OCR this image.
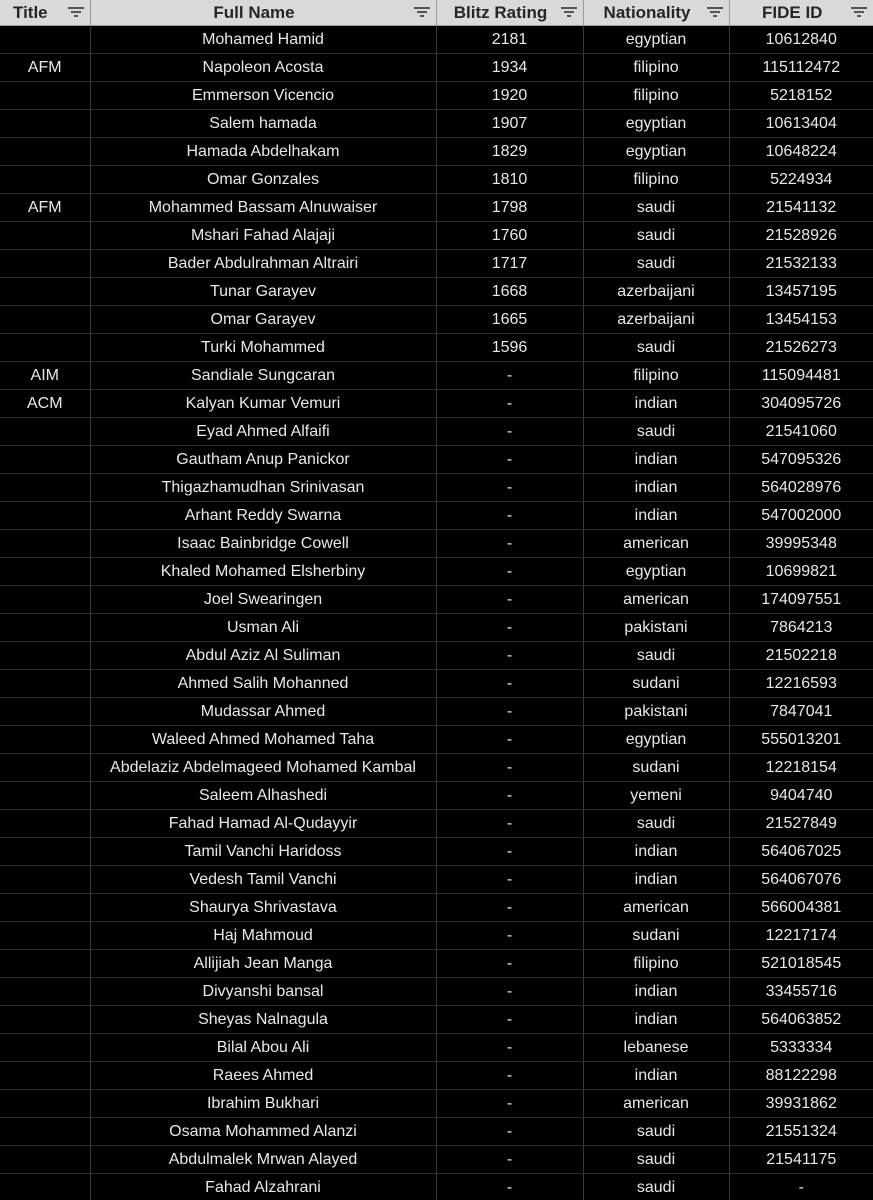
Title	Full Name	Blitz Rating	Nationality	FIDE ID

	Mohamed Hamid	2181	egyptian	10612840
AFM	Napoleon Acosta	1934	filipino	115112472
	Emmerson Vicencio	1920	filipino	5218152
	Salem hamada	1907	egyptian	10613404
	Hamada Abdelhakam	1829	egyptian	10648224
	Omar Gonzales	1810	filipino	5224934
AFM	Mohammed Bassam Alnuwaiser	1798	saudi	21541132
	Mshari Fahad Alajaji	1760	saudi	21528926
	Bader Abdulrahman Altrairi	1717	saudi	21532133
	Tunar Garayev	1668	azerbaijani	13457195
	Omar Garayev	1665	azerbaijani	13454153
	Turki Mohammed	1596	saudi	21526273
AIM	Sandiale Sungcaran	-	filipino	115094481
ACM	Kalyan Kumar Vemuri	-	indian	304095726
	Eyad Ahmed Alfaifi	-	saudi	21541060
	Gautham Anup Panickor	-	indian	547095326
	Thigazhamudhan Srinivasan	-	indian	564028976
	Arhant Reddy Swarna	-	indian	547002000
	Isaac Bainbridge Cowell	-	american	39995348
	Khaled Mohamed Elsherbiny	-	egyptian	10699821
	Joel Swearingen	-	american	174097551
	Usman Ali	-	pakistani	7864213
	Abdul Aziz Al Suliman	-	saudi	21502218
	Ahmed Salih Mohanned	-	sudani	12216593
	Mudassar Ahmed	-	pakistani	7847041
	Waleed Ahmed Mohamed Taha	-	egyptian	555013201
	Abdelaziz Abdelmageed Mohamed Kambal	-	sudani	12218154
	Saleem Alhashedi	-	yemeni	9404740
	Fahad Hamad Al-Qudayyir	-	saudi	21527849
	Tamil Vanchi Haridoss	-	indian	564067025
	Vedesh Tamil Vanchi	-	indian	564067076
	Shaurya Shrivastava	-	american	566004381
	Haj Mahmoud	-	sudani	12217174
	Allijiah Jean Manga	-	filipino	521018545
	Divyanshi bansal	-	indian	33455716
	Sheyas Nalnagula	-	indian	564063852
	Bilal Abou Ali	-	lebanese	5333334
	Raees Ahmed	-	indian	88122298
	Ibrahim Bukhari	-	american	39931862
	Osama Mohammed Alanzi	-	saudi	21551324
	Abdulmalek Mrwan Alayed	-	saudi	21541175
	Fahad Alzahrani	-	saudi	-
